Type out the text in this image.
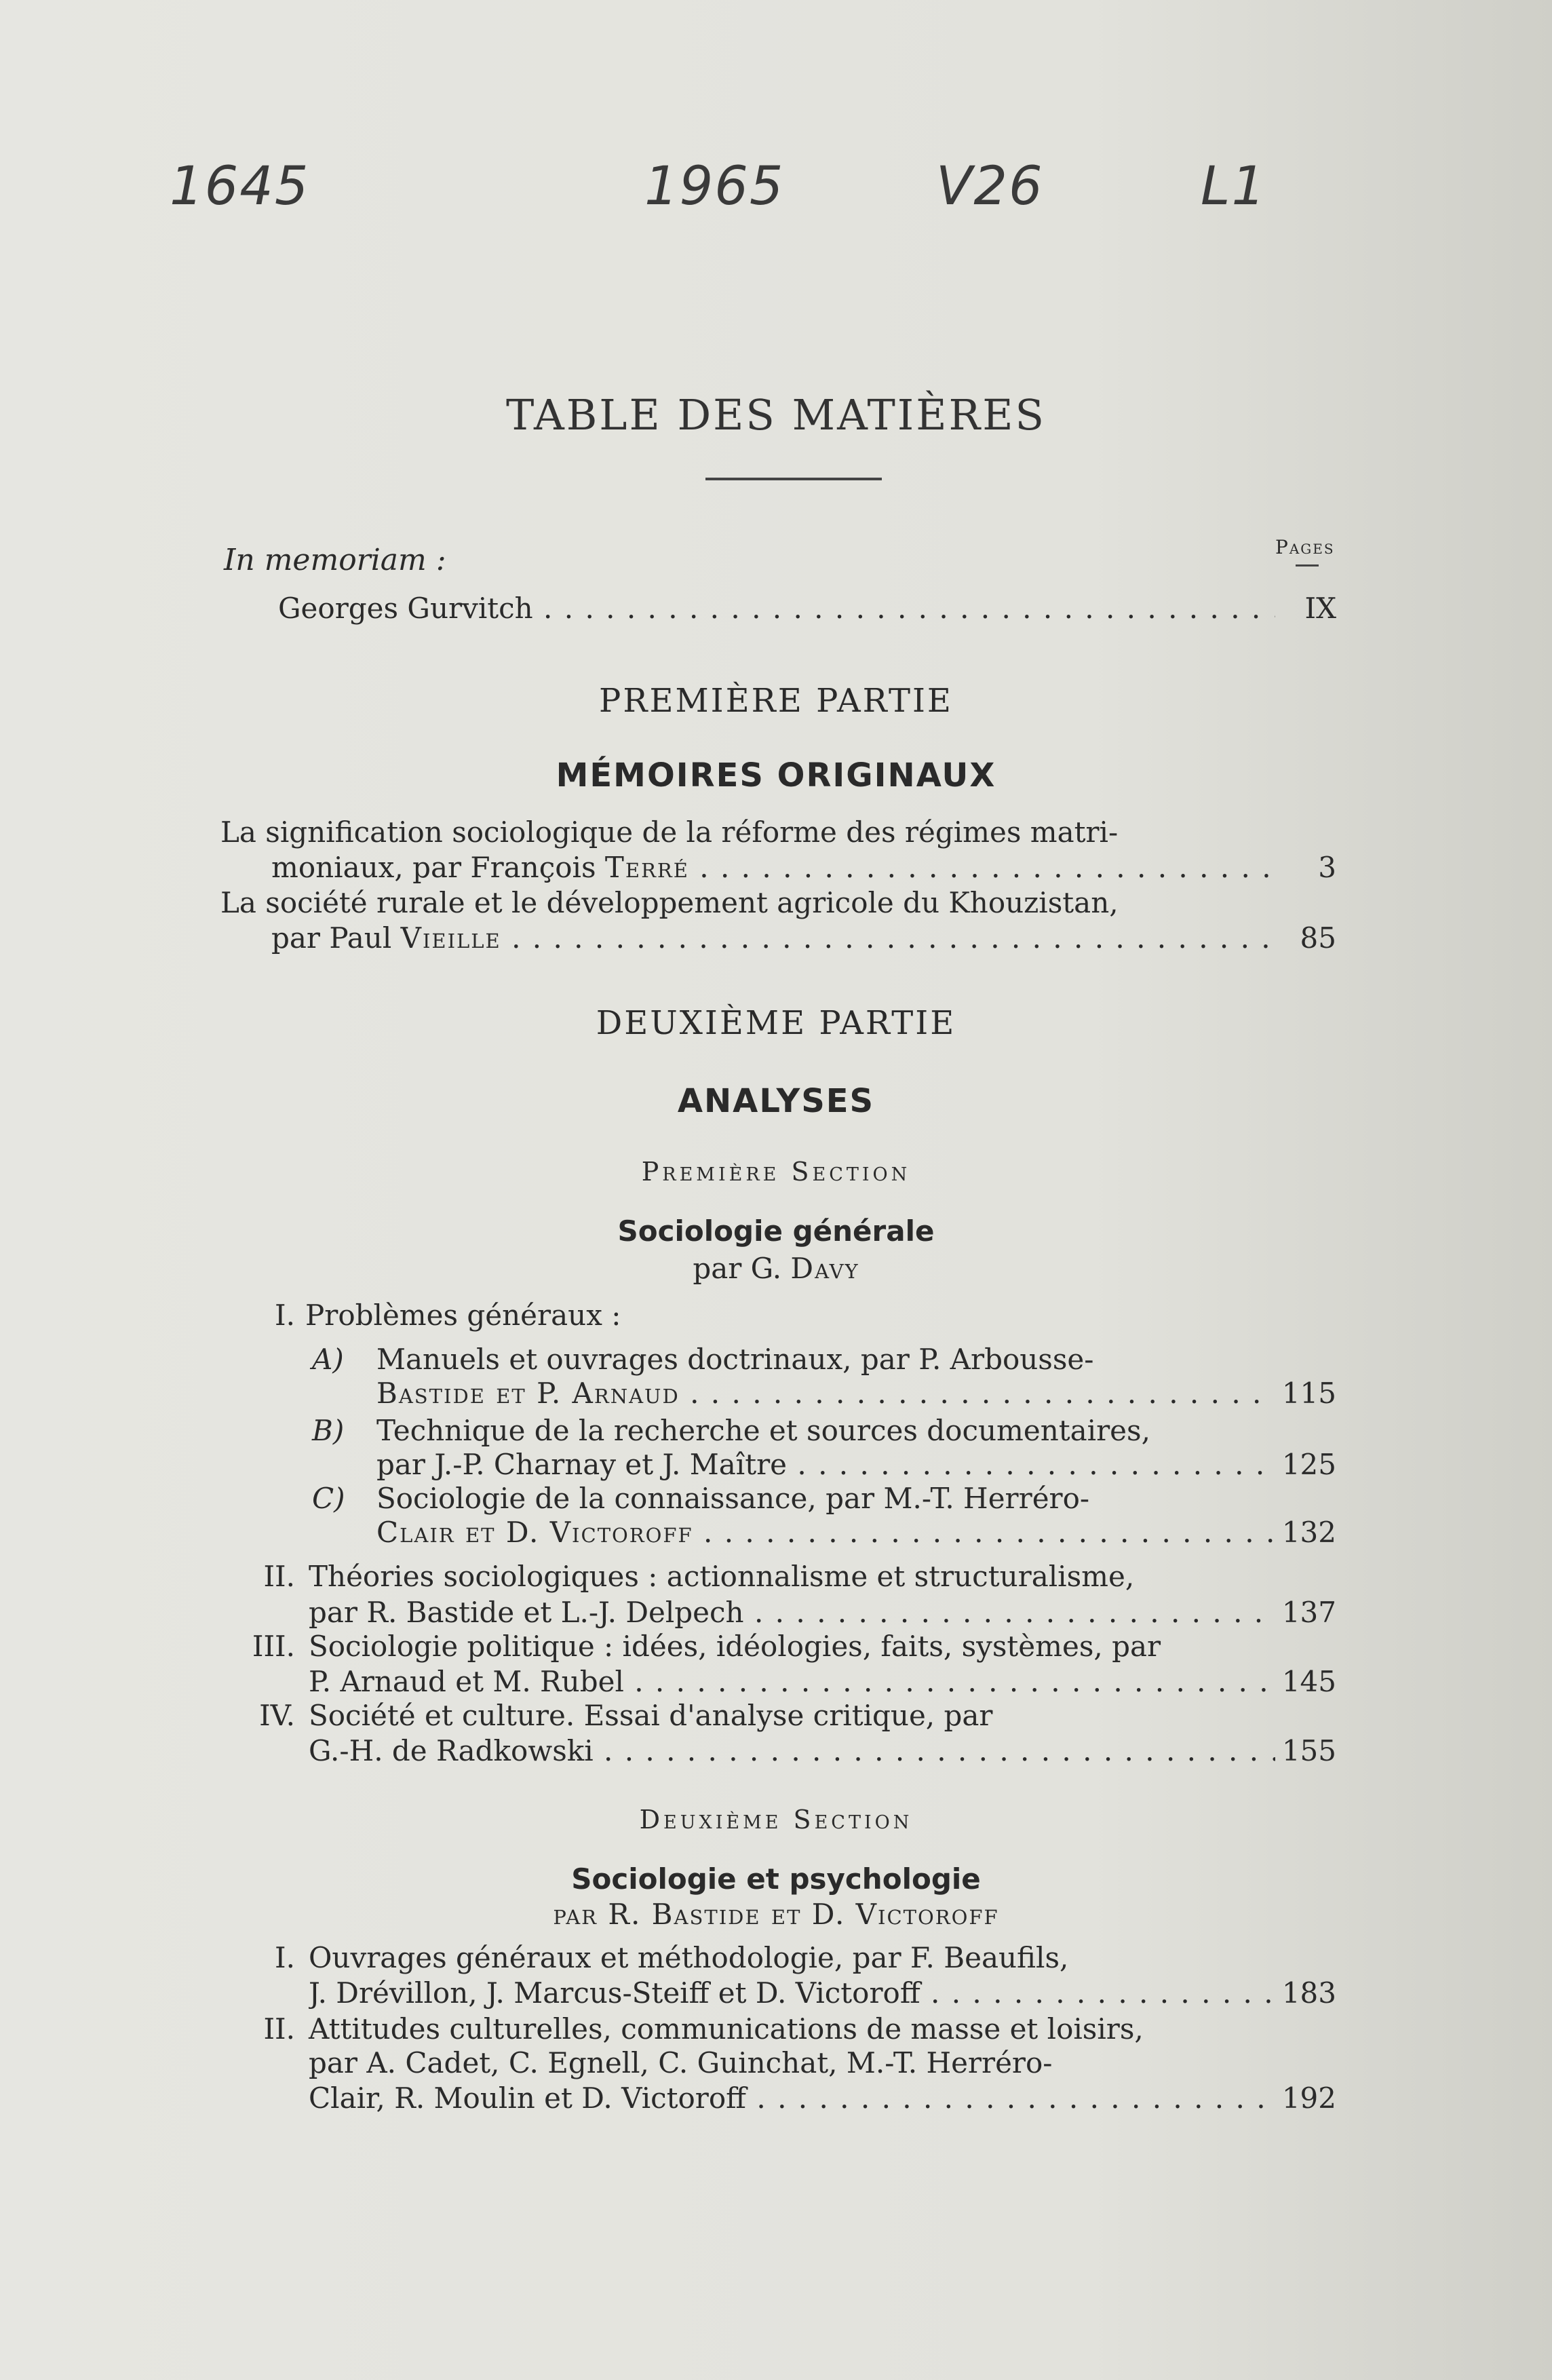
1645	1965	V26	L1
TABLE DES MATIÈRES
Pages
In memoriam :
Georges Gurvitch . . .	IX
PREMIÈRE PARTIE
MÉMOIRES ORIGINAUX
La signification sociologique de la réforme des régimes matri-
moniaux, par François Terré . . .	3
La société rurale et le développement agricole du Khouzistan,
par Paul Vieille . . .	85
DEUXIÈME PARTIE
ANALYSES
Première Section
Sociologie générale
par G. Davy
I. Problèmes généraux :
A) Manuels et ouvrages doctrinaux, par P. Arbousse-
Bastide et P. Arnaud . . .	115
B) Technique de la recherche et sources documentaires,
par J.-P. Charnay et J. Maître . . .	125
C) Sociologie de la connaissance, par M.-T. Herréro-
Clair et D. Victoroff . . .	132
II. Théories sociologiques : actionnalisme et structuralisme,
par R. Bastide et L.-J. Delpech . . .	137
III. Sociologie politique : idées, idéologies, faits, systèmes, par
P. Arnaud et M. Rubel . . .	145
IV. Société et culture. Essai d'analyse critique, par
G.-H. de Radkowski . . .	155
Deuxième Section
Sociologie et psychologie
par R. Bastide et D. Victoroff
I. Ouvrages généraux et méthodologie, par F. Beaufils,
J. Drévillon, J. Marcus-Steiff et D. Victoroff . . .	183
II. Attitudes culturelles, communications de masse et loisirs,
par A. Cadet, C. Egnell, C. Guinchat, M.-T. Herréro-
Clair, R. Moulin et D. Victoroff . . .	192
